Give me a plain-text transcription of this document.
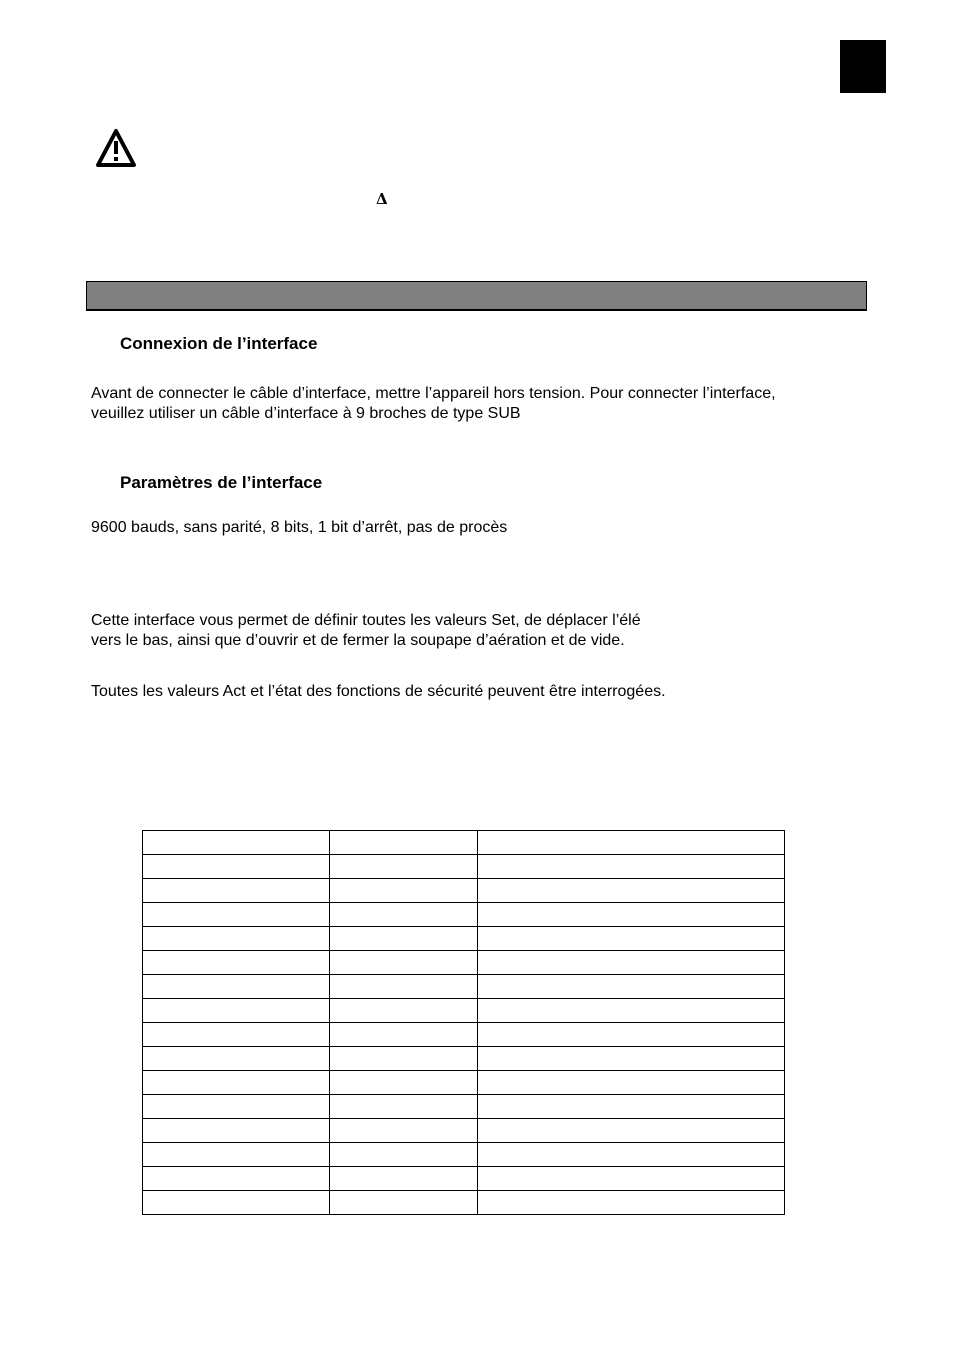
Δ
Connexion de l’interface
Avant de connecter le câble d’interface, mettre l’appareil hors tension. Pour connecter l’interface,
veuillez utiliser un câble d’interface à 9 broches de type SUB
Paramètres de l’interface
9600 bauds, sans parité, 8 bits, 1 bit d’arrêt, pas de procès
Cette interface vous permet de définir toutes les valeurs Set, de déplacer l’élé
vers le bas, ainsi que d’ouvrir et de fermer la soupape d’aération et de vide.
Toutes les valeurs Act et l’état des fonctions de sécurité peuvent être interrogées.
